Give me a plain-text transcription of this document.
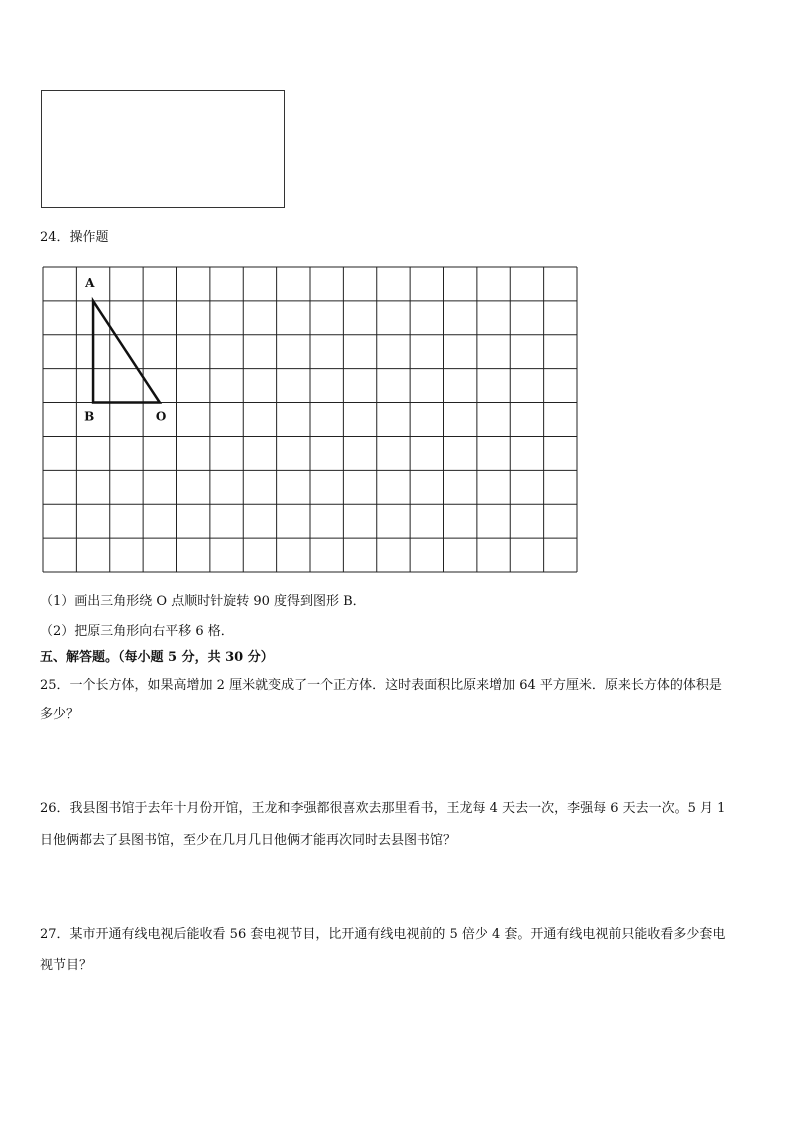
24．操作题
A
B	O
（1）画出三角形绕 O 点顺时针旋转 90 度得到图形 B．
（2）把原三角形向右平移 6 格．
五、解答题。（每小题 5 分，共 30 分）
25．一个长方体，如果高增加 2 厘米就变成了一个正方体．这时表面积比原来增加 64 平方厘米．原来长方体的体积是
多少？
26．我县图书馆于去年十月份开馆，王龙和李强都很喜欢去那里看书，王龙每 4 天去一次，李强每 6 天去一次。5 月 1
日他俩都去了县图书馆，至少在几月几日他俩才能再次同时去县图书馆？
27．某市开通有线电视后能收看 56 套电视节目，比开通有线电视前的 5 倍少 4 套。开通有线电视前只能收看多少套电
视节目？
